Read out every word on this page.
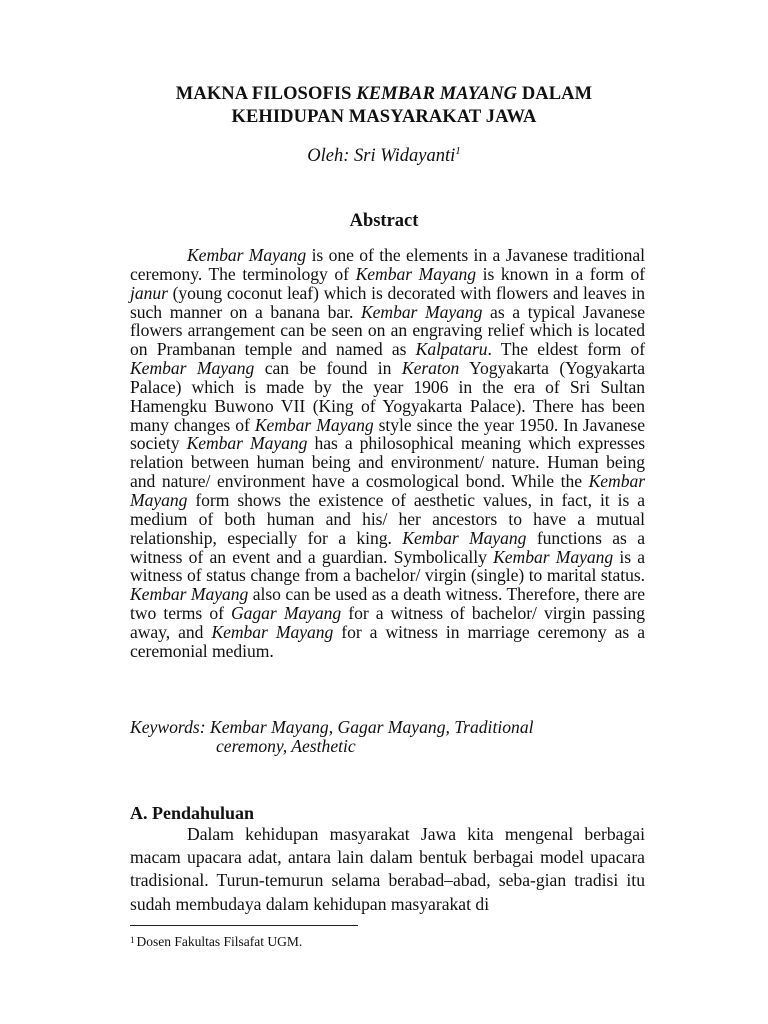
MAKNA FILOSOFIS KEMBAR MAYANG DALAM
KEHIDUPAN MASYARAKAT JAWA
Oleh: Sri Widayanti$^1$
Abstract

Kembar Mayang is one of the elements in a Javanese traditional ceremony. The terminology of Kembar Mayang is known in a form of janur (young coconut leaf) which is decorated with flowers and leaves in such manner on a banana bar. Kembar Mayang as a typical Javanese flowers arrangement can be seen on an engraving relief which is located on Prambanan temple and named as Kalpataru. The eldest form of Kembar Mayang can be found in Keraton Yogyakarta (Yogyakarta Palace) which is made by the year 1906 in the era of Sri Sultan Hamengku Buwono VII (King of Yogyakarta Palace). There has been many changes of Kembar Mayang style since the year 1950. In Javanese society Kembar Mayang has a philosophical meaning which expresses relation between human being and environment/ nature. Human being and nature/ environment have a cosmological bond. While the Kembar Mayang form shows the existence of aesthetic values, in fact, it is a medium of both human and his/ her ancestors to have a mutual relationship, especially for a king. Kembar Mayang functions as a witness of an event and a guardian. Symbolically Kembar Mayang is a witness of status change from a bachelor/ virgin (single) to marital status. Kembar Mayang also can be used as a death witness. Therefore, there are two terms of Gagar Mayang for a witness of bachelor/ virgin passing away, and Kembar Mayang for a witness in marriage ceremony as a ceremonial medium.

Keywords: Kembar Mayang, Gagar Mayang, Traditional
ceremony, Aesthetic
A. Pendahuluan

Dalam kehidupan masyarakat Jawa kita mengenal berbagai macam upacara adat, antara lain dalam bentuk berbagai model upacara tradisional. Turun-temurun selama berabad–abad, seba-gian tradisi itu sudah membudaya dalam kehidupan masyarakat di

$^1$ Dosen Fakultas Filsafat UGM.
